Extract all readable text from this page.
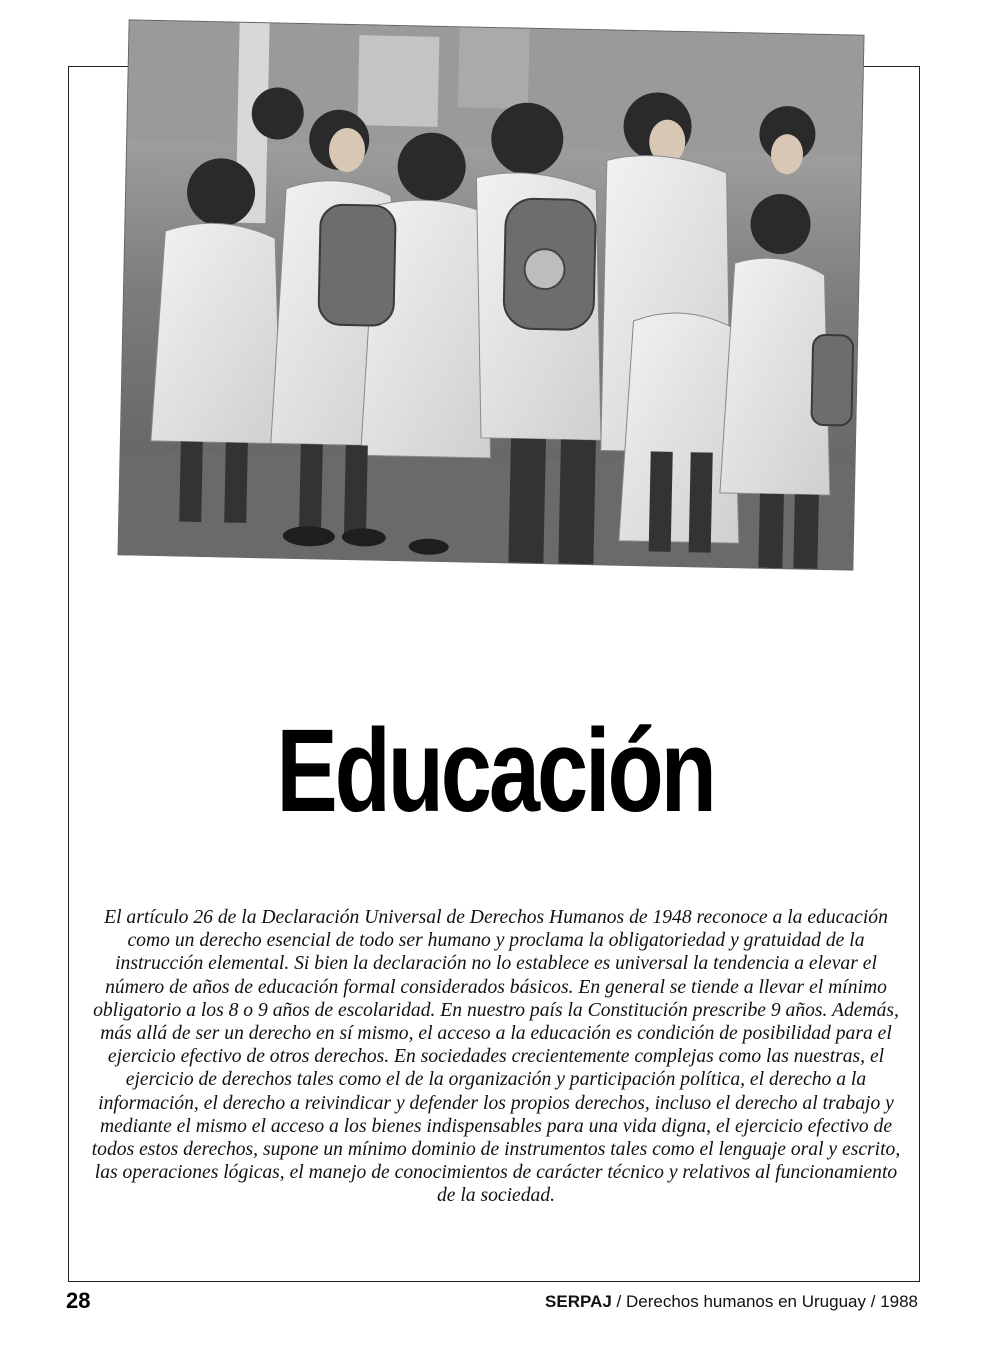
Educación

El artículo 26 de la Declaración Universal de Derechos Humanos de 1948 reconoce a la educación como un derecho esencial de todo ser humano y proclama la obligatoriedad y gratuidad de la instrucción elemental. Si bien la declaración no lo establece es universal la tendencia a elevar el número de años de educación formal considerados básicos. En general se tiende a llevar el mínimo obligatorio a los 8 o 9 años de escolaridad. En nuestro país la Constitución prescribe 9 años. Además, más allá de ser un derecho en sí mismo, el acceso a la educación es condición de posibilidad para el ejercicio efectivo de otros derechos. En sociedades crecientemente complejas como las nuestras, el ejercicio de derechos tales como el de la organización y participación política, el derecho a la información, el derecho a reivindicar y defender los propios derechos, incluso el derecho al trabajo y mediante el mismo el acceso a los bienes indispensables para una vida digna, el ejercicio efectivo de todos estos derechos, supone un mínimo dominio de instrumentos tales como el lenguaje oral y escrito, las operaciones lógicas, el manejo de conocimientos de carácter técnico y relativos al funcionamiento de la sociedad.

28	SERPAJ / Derechos humanos en Uruguay / 1988
